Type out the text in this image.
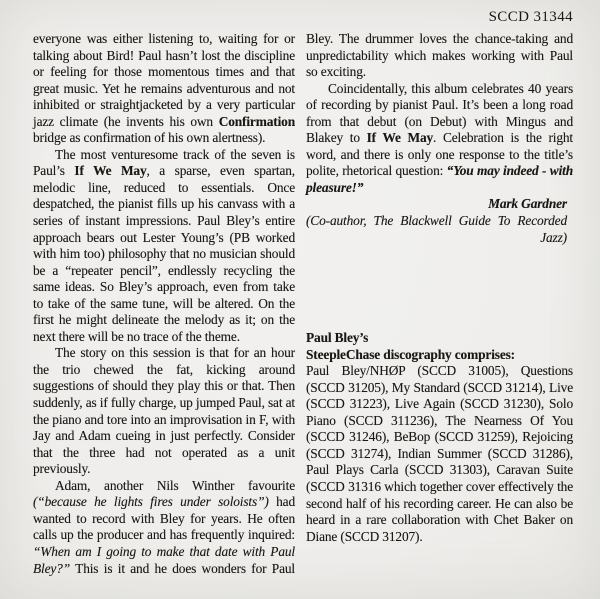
SCCD 31344

everyone was either listening to, waiting for or talking about Bird! Paul hasn’t lost the discipline or feeling for those momentous times and that great music. Yet he remains adventurous and not inhibited or straightjacketed by a very particular jazz climate (he invents his own Confirmation bridge as confirmation of his own alertness).

The most venturesome track of the seven is Paul’s If We May, a sparse, even spartan, melodic line, reduced to essentials. Once despatched, the pianist fills up his canvass with a series of instant impressions. Paul Bley’s entire approach bears out Lester Young’s (PB worked with him too) philosophy that no musician should be a “repeater pencil”, endlessly recycling the same ideas. So Bley’s approach, even from take to take of the same tune, will be altered. On the first he might delineate the melody as it; on the next there will be no trace of the theme.

The story on this session is that for an hour the trio chewed the fat, kicking around suggestions of should they play this or that. Then suddenly, as if fully charge, up jumped Paul, sat at the piano and tore into an improvisation in F, with Jay and Adam cueing in just perfectly. Consider that the three had not operated as a unit previously.

Adam, another Nils Winther favourite (“because he lights fires under soloists”) had wanted to record with Bley for years. He often calls up the producer and has frequently inquired: “When am I going to make that date with Paul Bley?” This is it and he does wonders for Paul

Bley. The drummer loves the chance-taking and unpredictability which makes working with Paul so exciting.

Coincidentally, this album celebrates 40 years of recording by pianist Paul. It’s been a long road from that debut (on Debut) with Mingus and Blakey to If We May. Celebration is the right word, and there is only one response to the title’s polite, rhetorical question: “You may indeed - with pleasure!”

Mark Gardner

(Co-author, The Blackwell Guide To Recorded Jazz)

Paul Bley’s

SteepleChase discography comprises:

Paul Bley/NHØP (SCCD 31005), Questions (SCCD 31205), My Standard (SCCD 31214), Live (SCCD 31223), Live Again (SCCD 31230), Solo Piano (SCCD 311236), The Nearness Of You (SCCD 31246), BeBop (SCCD 31259), Rejoicing (SCCD 31274), Indian Summer (SCCD 31286), Paul Plays Carla (SCCD 31303), Caravan Suite (SCCD 31316 which together cover effectively the second half of his recording career. He can also be heard in a rare collaboration with Chet Baker on Diane (SCCD 31207).
